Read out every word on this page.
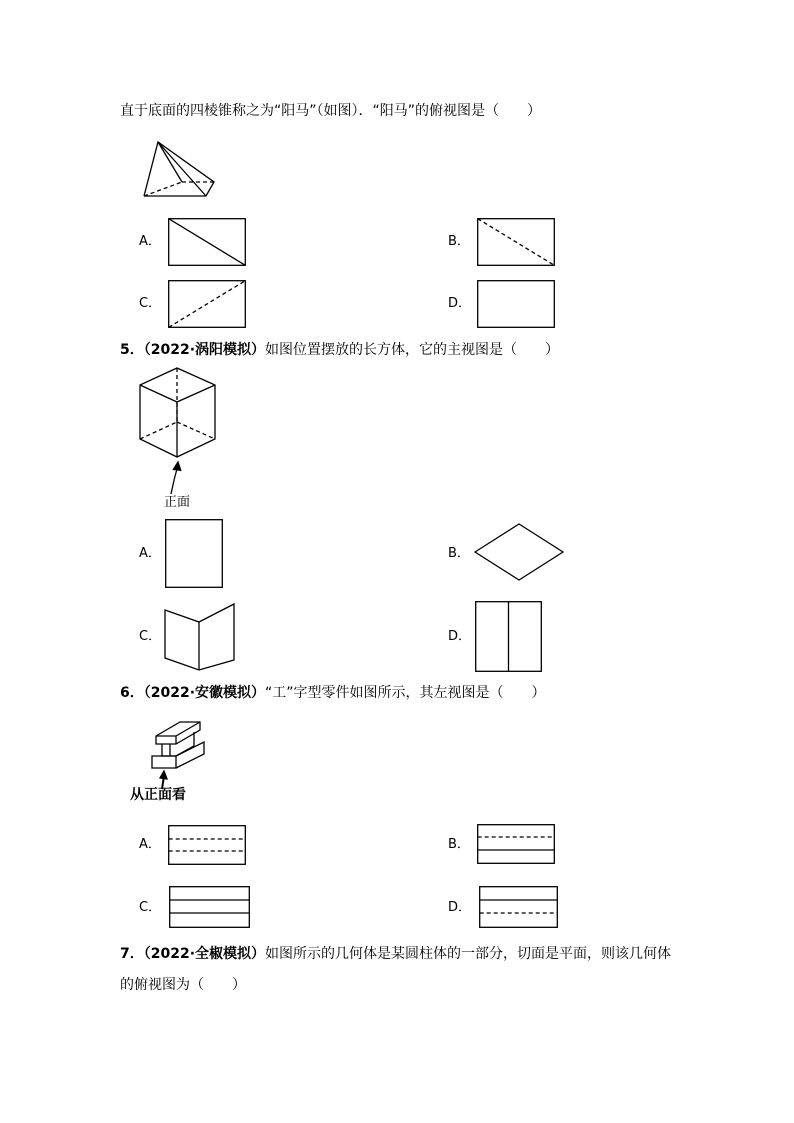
直于底面的四棱锥称之为“阳马”（如图）．“阳马”的俯视图是（　　）
A．	B．
C．	D．
5．（2022·涡阳模拟）如图位置摆放的长方体，它的主视图是（　　）
正面
A．	B．
C．	D．
6．（2022·安徽模拟）“工”字型零件如图所示，其左视图是（　　）
从正面看
A．	B．
C．	D．
7．（2022·全椒模拟）如图所示的几何体是某圆柱体的一部分，切面是平面，则该几何体
的俯视图为（　　）
